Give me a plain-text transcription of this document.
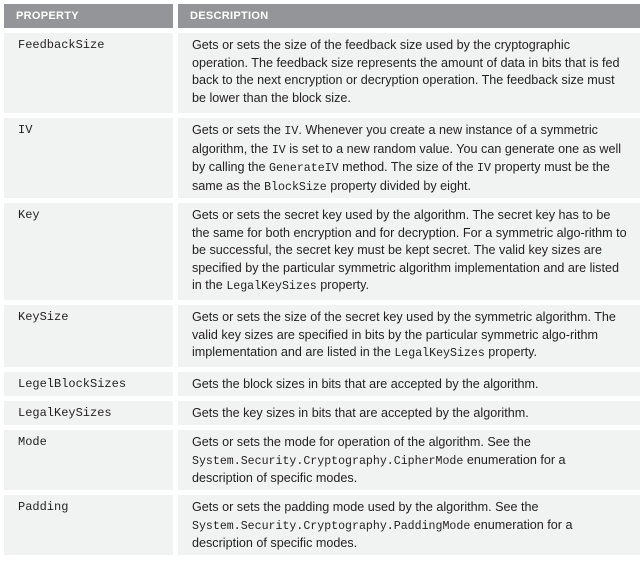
PROPERTY	DESCRIPTION
FeedbackSize	Gets or sets the size of the feedback size used by the cryptographic operation. The feedback size represents the amount of data in bits that is fed back to the next encryption or decryption operation. The feedback size must be lower than the block size.
IV	Gets or sets the IV. Whenever you create a new instance of a symmetric algorithm, the IV is set to a new random value. You can generate one as well by calling the GenerateIV method. The size of the IV property must be the same as the BlockSize property divided by eight.
Key	Gets or sets the secret key used by the algorithm. The secret key has to be the same for both encryption and for decryption. For a symmetric algo-rithm to be successful, the secret key must be kept secret. The valid key sizes are specified by the particular symmetric algorithm implementation and are listed in the LegalKeySizes property.
KeySize	Gets or sets the size of the secret key used by the symmetric algorithm. The valid key sizes are specified in bits by the particular symmetric algo-rithm implementation and are listed in the LegalKeySizes property.
LegelBlockSizes	Gets the block sizes in bits that are accepted by the algorithm.
LegalKeySizes	Gets the key sizes in bits that are accepted by the algorithm.
Mode	Gets or sets the mode for operation of the algorithm. See the System.Security.Cryptography.CipherMode enumeration for a description of specific modes.
Padding	Gets or sets the padding mode used by the algorithm. See the System.Security.Cryptography.PaddingMode enumeration for a description of specific modes.
